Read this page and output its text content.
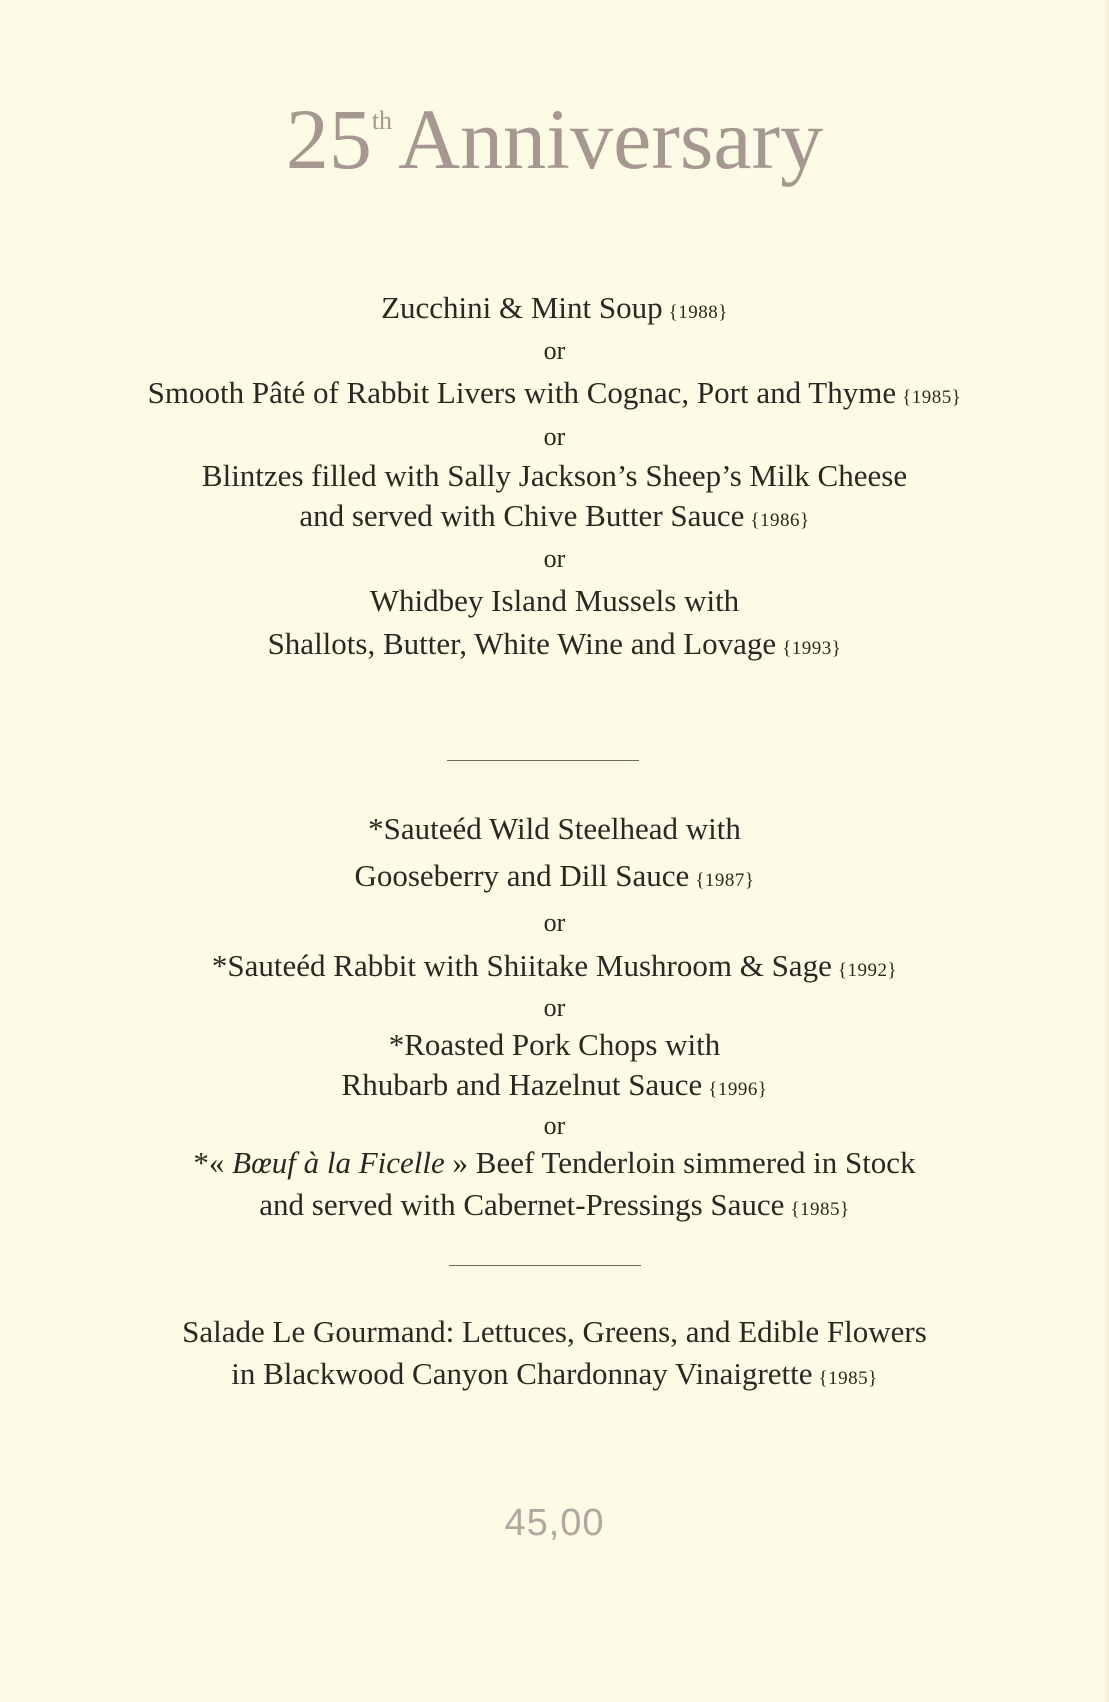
25thAnniversary
Zucchini & Mint Soup {1988}
or
Smooth Pâté of Rabbit Livers with Cognac, Port and Thyme {1985}
or
Blintzes filled with Sally Jackson’s Sheep’s Milk Cheese
and served with Chive Butter Sauce {1986}
or
Whidbey Island Mussels with
Shallots, Butter, White Wine and Lovage {1993}
*Sauteéd Wild Steelhead with
Gooseberry and Dill Sauce {1987}
or
*Sauteéd Rabbit with Shiitake Mushroom & Sage {1992}
or
*Roasted Pork Chops with
Rhubarb and Hazelnut Sauce {1996}
or
*« Bœuf à la Ficelle » Beef Tenderloin simmered in Stock
and served with Cabernet-Pressings Sauce {1985}
Salade Le Gourmand: Lettuces, Greens, and Edible Flowers
in Blackwood Canyon Chardonnay Vinaigrette {1985}
45,00
